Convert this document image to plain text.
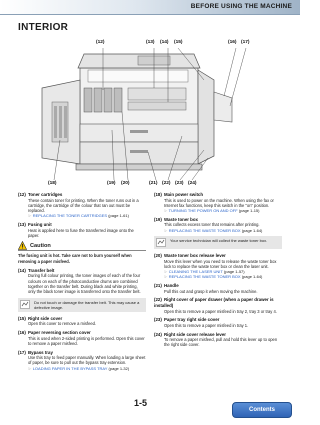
BEFORE USING THE MACHINE
INTERIOR
(12)	(13) (14) (15)	(16) (17)
(18)	(19) (20)	(21) (22) (23) (24)
(12) Toner cartridges
These contain toner for printing. When the toner runs out in a cartridge, the cartridge of the colour that ran out must be replaced.
☞ REPLACING THE TONER CARTRIDGES (page 1-61)
(13) Fusing unit
Heat is applied here to fuse the transferred image onto the paper.
Caution
The fusing unit is hot. Take care not to burn yourself when removing a paper misfeed.
(14) Transfer belt
During full colour printing, the toner images of each of the four colours on each of the photoconductive drums are combined together on the transfer belt. During black and white printing, only the black toner image is transferred onto the transfer belt.
Do not touch or damage the transfer belt. This may cause a defective image.
(15) Right side cover
Open this cover to remove a misfeed.
(16) Paper reversing section cover
This is used when 2-sided printing is performed. Open this cover to remove a paper misfeed.
(17) Bypass tray
Use this tray to feed paper manually. When loading a large sheet of paper, be sure to pull out the bypass tray extension.
☞ LOADING PAPER IN THE BYPASS TRAY (page 1-32)
(18) Main power switch
This is used to power on the machine. When using the fax or Internet fax functions, keep this switch in the "on" position.
☞ TURNING THE POWER ON AND OFF (page 1-15)
(19) Waste toner box
This collects excess toner that remains after printing.
☞ REPLACING THE WASTE TONER BOX (page 1-64)
Your service technician will collect the waste toner box.
(20) Waste toner box release lever
Move this lever when you need to release the waste toner box lock to replace the waste toner box or clean the laser unit.
☞ CLEANING THE LASER UNIT (page 1-57)
☞ REPLACING THE WASTE TONER BOX (page 1-64)
(21) Handle
Pull this out and grasp it when moving the machine.
(22) Right cover of paper drawer (when a paper drawer is installed)
Open this to remove a paper misfeed in tray 2, tray 3 or tray 4.
(23) Paper tray right side cover
Open this to remove a paper misfeed in tray 1.
(24) Right side cover release lever
To remove a paper misfeed, pull and hold this lever up to open the right side cover.
1-5
Contents
